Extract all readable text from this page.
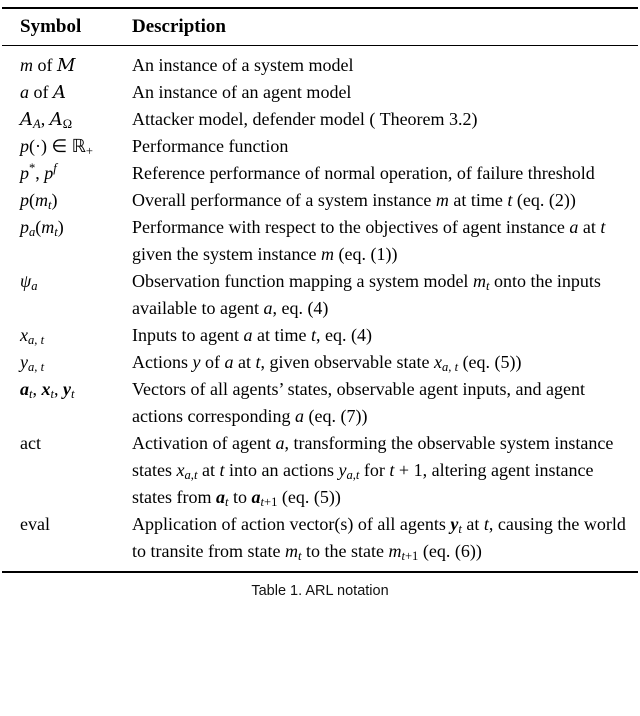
Symbol	Description
m of M	An instance of a system model
a of A	An instance of an agent model
$A_A$, $A_\Omega$	Attacker model, defender model ( Theorem 3.2)
p(·) ∈ ℝ$_+$	Performance function
p*, $p^f$	Reference performance of normal operation, of failure threshold
$p(m_t)$	Overall performance of a system instance m at time t (eq. (2))
$p_a(m_t)$	Performance with respect to the objectives of agent instance a at t given the system instance m (eq. (1))
$\psi_a$	Observation function mapping a system model $m_t$ onto the inputs available to agent a, eq. (4)
$x_{a, t}$	Inputs to agent a at time t, eq. (4)
$y_{a, t}$	Actions y of a at t, given observable state $x_{a, t}$ (eq. (5))
$a_t$, $x_t$, $y_t$	Vectors of all agents’ states, observable agent inputs, and agent actions corresponding a (eq. (7))
act	Activation of agent a, transforming the observable system instance states $x_{a,t}$ at t into an actions $y_{a,t}$ for t + 1, altering agent instance states from $a_t$ to $a_{t+1}$ (eq. (5))
eval	Application of action vector(s) of all agents $y_t$ at t, causing the world to transite from state $m_t$ to the state $m_{t+1}$ (eq. (6))
Table 1. ARL notation
